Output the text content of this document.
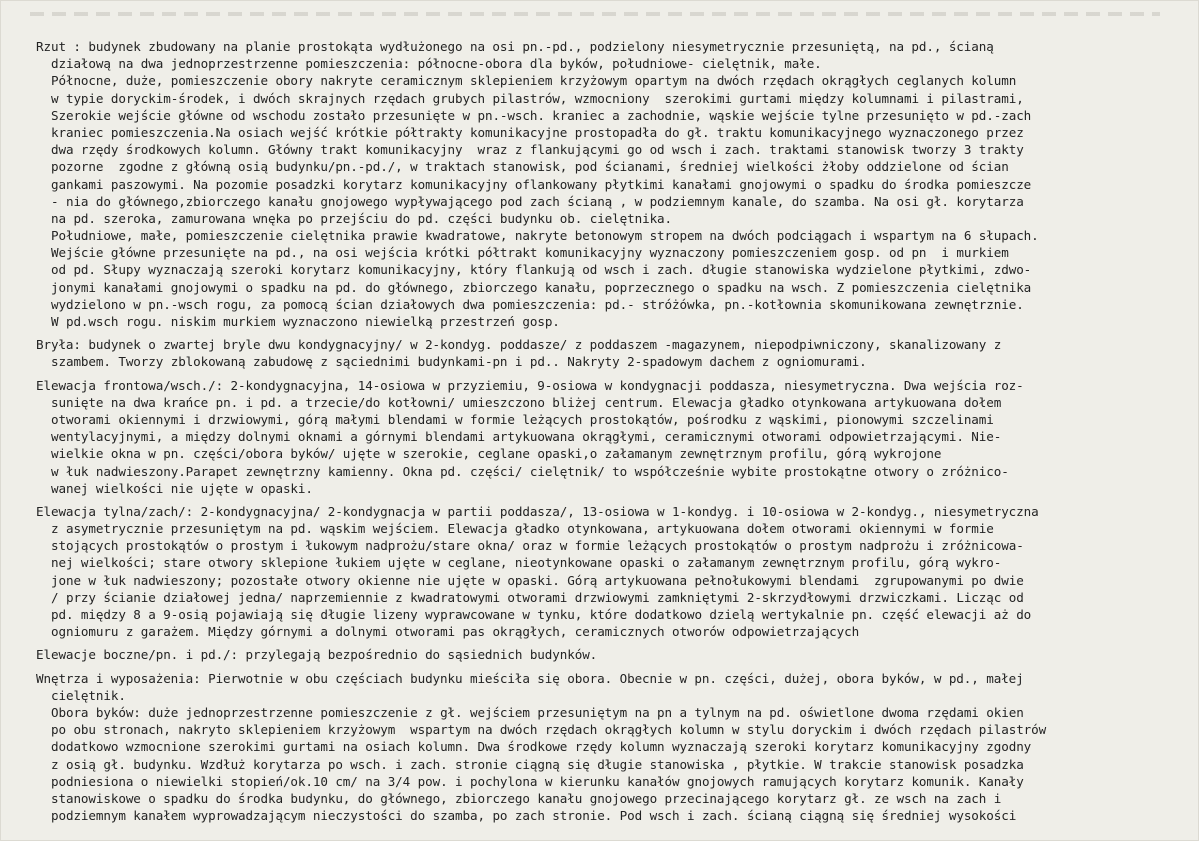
Rzut : budynek zbudowany na planie prostokąta wydłużonego na osi pn.-pd., podzielony niesymetrycznie przesuniętą, na pd., ścianą
działową na dwa jednoprzestrzenne pomieszczenia: północne-obora dla byków, południowe- cielętnik, małe.
Północne, duże, pomieszczenie obory nakryte ceramicznym sklepieniem krzyżowym opartym na dwóch rzędach okrągłych ceglanych kolumn
w typie doryckim-środek, i dwóch skrajnych rzędach grubych pilastrów, wzmocniony  szerokimi gurtami między kolumnami i pilastrami,
Szerokie wejście główne od wschodu zostało przesunięte w pn.-wsch. kraniec a zachodnie, wąskie wejście tylne przesunięto w pd.-zach
kraniec pomieszczenia.Na osiach wejść krótkie półtrakty komunikacyjne prostopadła do gł. traktu komunikacyjnego wyznaczonego przez
dwa rzędy środkowych kolumn. Główny trakt komunikacyjny  wraz z flankującymi go od wsch i zach. traktami stanowisk tworzy 3 trakty
pozorne  zgodne z główną osią budynku/pn.-pd./, w traktach stanowisk, pod ścianami, średniej wielkości żłoby oddzielone od ścian
gankami paszowymi. Na pozomie posadzki korytarz komunikacyjny oflankowany płytkimi kanałami gnojowymi o spadku do środka pomieszcze
- nia do głównego,zbiorczego kanału gnojowego wypływającego pod zach ścianą , w podziemnym kanale, do szamba. Na osi gł. korytarza
na pd. szeroka, zamurowana wnęka po przejściu do pd. części budynku ob. cielętnika.
Południowe, małe, pomieszczenie cielętnika prawie kwadratowe, nakryte betonowym stropem na dwóch podciągach i wspartym na 6 słupach.
Wejście główne przesunięte na pd., na osi wejścia krótki półtrakt komunikacyjny wyznaczony pomieszczeniem gosp. od pn  i murkiem
od pd. Słupy wyznaczają szeroki korytarz komunikacyjny, który flankują od wsch i zach. długie stanowiska wydzielone płytkimi, zdwo-
jonymi kanałami gnojowymi o spadku na pd. do głównego, zbiorczego kanału, poprzecznego o spadku na wsch. Z pomieszczenia cielętnika
wydzielono w pn.-wsch rogu, za pomocą ścian działowych dwa pomieszczenia: pd.- stróżówka, pn.-kotłownia skomunikowana zewnętrznie.
W pd.wsch rogu. niskim murkiem wyznaczono niewielką przestrzeń gosp.
Bryła: budynek o zwartej bryle dwu kondygnacyjny/ w 2-kondyg. poddasze/ z poddaszem -magazynem, niepodpiwniczony, skanalizowany z
szambem. Tworzy zblokowaną zabudowę z sąciednimi budynkami-pn i pd.. Nakryty 2-spadowym dachem z ogniomurami.
Elewacja frontowa/wsch./: 2-kondygnacyjna, 14-osiowa w przyziemiu, 9-osiowa w kondygnacji poddasza, niesymetryczna. Dwa wejścia roz-
sunięte na dwa krańce pn. i pd. a trzecie/do kotłowni/ umieszczono bliżej centrum. Elewacja gładko otynkowana artykuowana dołem
otworami okiennymi i drzwiowymi, górą małymi blendami w formie leżących prostokątów, pośrodku z wąskimi, pionowymi szczelinami
wentylacyjnymi, a między dolnymi oknami a górnymi blendami artykuowana okrągłymi, ceramicznymi otworami odpowietrzającymi. Nie-
wielkie okna w pn. części/obora byków/ ujęte w szerokie, ceglane opaski,o załamanym zewnętrznym profilu, górą wykrojone
w łuk nadwieszony.Parapet zewnętrzny kamienny. Okna pd. części/ cielętnik/ to współcześnie wybite prostokątne otwory o zróżnico-
wanej wielkości nie ujęte w opaski.
Elewacja tylna/zach/: 2-kondygnacyjna/ 2-kondygnacja w partii poddasza/, 13-osiowa w 1-kondyg. i 10-osiowa w 2-kondyg., niesymetryczna
z asymetrycznie przesuniętym na pd. wąskim wejściem. Elewacja gładko otynkowana, artykuowana dołem otworami okiennymi w formie
stojących prostokątów o prostym i łukowym nadprożu/stare okna/ oraz w formie leżących prostokątów o prostym nadprożu i zróżnicowa-
nej wielkości; stare otwory sklepione łukiem ujęte w ceglane, nieotynkowane opaski o załamanym zewnętrznym profilu, górą wykro-
jone w łuk nadwieszony; pozostałe otwory okienne nie ujęte w opaski. Górą artykuowana pełnołukowymi blendami  zgrupowanymi po dwie
/ przy ścianie działowej jedna/ naprzemiennie z kwadratowymi otworami drzwiowymi zamkniętymi 2-skrzydłowymi drzwiczkami. Licząc od
pd. między 8 a 9-osią pojawiają się długie lizeny wyprawcowane w tynku, które dodatkowo dzielą wertykalnie pn. część elewacji aż do
ogniomuru z garażem. Między górnymi a dolnymi otworami pas okrągłych, ceramicznych otworów odpowietrzających
Elewacje boczne/pn. i pd./: przylegają bezpośrednio do sąsiednich budynków.
Wnętrza i wyposażenia: Pierwotnie w obu częściach budynku mieściła się obora. Obecnie w pn. części, dużej, obora byków, w pd., małej
cielętnik.
Obora byków: duże jednoprzestrzenne pomieszczenie z gł. wejściem przesuniętym na pn a tylnym na pd. oświetlone dwoma rzędami okien
po obu stronach, nakryto sklepieniem krzyżowym  wspartym na dwóch rzędach okrągłych kolumn w stylu doryckim i dwóch rzędach pilastrów
dodatkowo wzmocnione szerokimi gurtami na osiach kolumn. Dwa środkowe rzędy kolumn wyznaczają szeroki korytarz komunikacyjny zgodny
z osią gł. budynku. Wzdłuż korytarza po wsch. i zach. stronie ciągną się długie stanowiska , płytkie. W trakcie stanowisk posadzka
podniesiona o niewielki stopień/ok.10 cm/ na 3/4 pow. i pochylona w kierunku kanałów gnojowych ramujących korytarz komunik. Kanały
stanowiskowe o spadku do środka budynku, do głównego, zbiorczego kanału gnojowego przecinającego korytarz gł. ze wsch na zach i
podziemnym kanałem wyprowadzającym nieczystości do szamba, po zach stronie. Pod wsch i zach. ścianą ciągną się średniej wysokości
